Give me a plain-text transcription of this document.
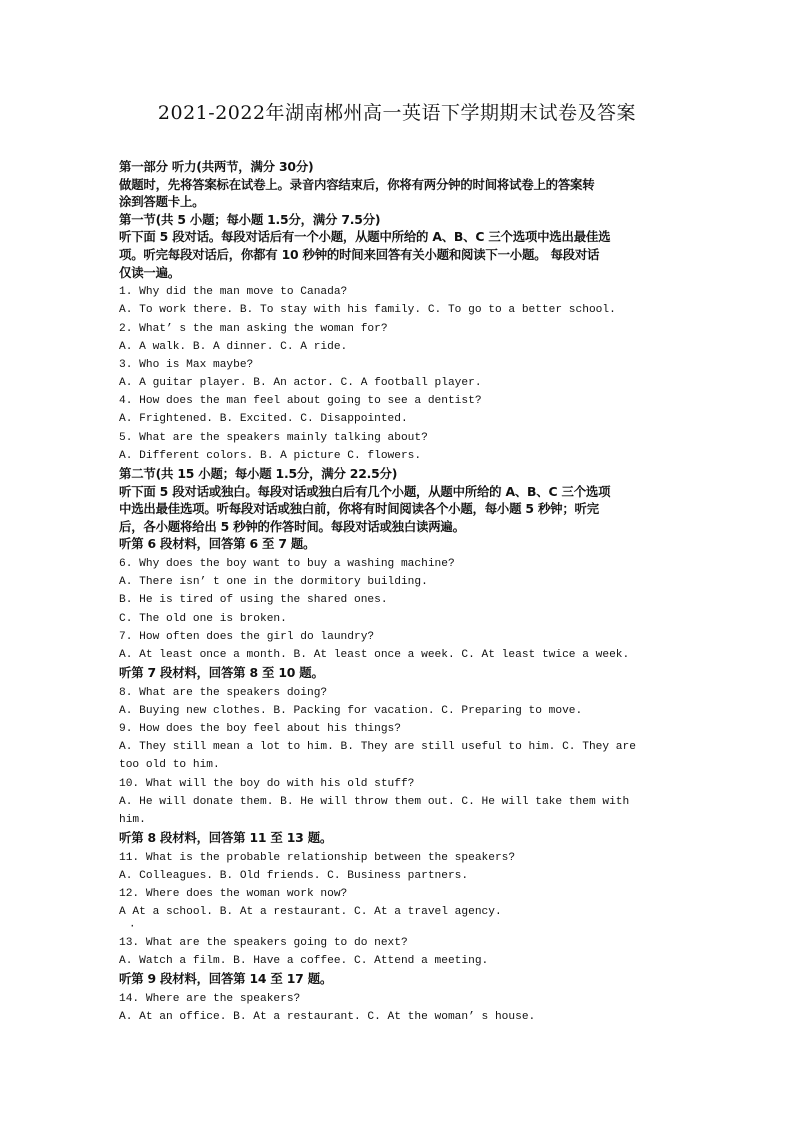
2021-2022年湖南郴州高一英语下学期期末试卷及答案
第一部分 听力(共两节，满分 30分)
做题时，先将答案标在试卷上。录音内容结束后，你将有两分钟的时间将试卷上的答案转
涂到答题卡上。
第一节(共 5 小题；每小题 1.5分，满分 7.5分)
听下面 5 段对话。每段对话后有一个小题，从题中所给的 A、B、C 三个选项中选出最佳选
项。听完每段对话后，你都有 10 秒钟的时间来回答有关小题和阅读下一小题。 每段对话
仅读一遍。
1. Why did the man move to Canada?
A. To work there. B. To stay with his family. C. To go to a better school.
2. What’ s the man asking the woman for?
A. A walk. B. A dinner. C. A ride.
3. Who is Max maybe?
A. A guitar player. B. An actor. C. A football player.
4. How does the man feel about going to see a dentist?
A. Frightened. B. Excited. C. Disappointed.
5. What are the speakers mainly talking about?
A. Different colors. B. A picture C. flowers.
第二节(共 15 小题；每小题 1.5分，满分 22.5分)
听下面 5 段对话或独白。每段对话或独白后有几个小题，从题中所给的 A、B、C 三个选项
中选出最佳选项。听每段对话或独白前，你将有时间阅读各个小题，每小题 5 秒钟；听完
后，各小题将给出 5 秒钟的作答时间。每段对话或独白读两遍。
听第 6 段材料，回答第 6 至 7 题。
6. Why does the boy want to buy a washing machine?
A. There isn’ t one in the dormitory building.
B. He is tired of using the shared ones.
C. The old one is broken.
7. How often does the girl do laundry?
A. At least once a month. B. At least once a week. C. At least twice a week.
听第 7 段材料，回答第 8 至 10 题。
8. What are the speakers doing?
A. Buying new clothes. B. Packing for vacation. C. Preparing to move.
9. How does the boy feel about his things?
A. They still mean a lot to him. B. They are still useful to him. C. They are
too old to him.
10. What will the boy do with his old stuff?
A. He will donate them. B. He will throw them out. C. He will take them with
him.
听第 8 段材料，回答第 11 至 13 题。
11. What is the probable relationship between the speakers?
A. Colleagues. B. Old friends. C. Business partners.
12. Where does the woman work now?
A At a school. B. At a restaurant. C. At a travel agency.
·
13. What are the speakers going to do next?
A. Watch a film. B. Have a coffee. C. Attend a meeting.
听第 9 段材料，回答第 14 至 17 题。
14. Where are the speakers?
A. At an office. B. At a restaurant. C. At the woman’ s house.
